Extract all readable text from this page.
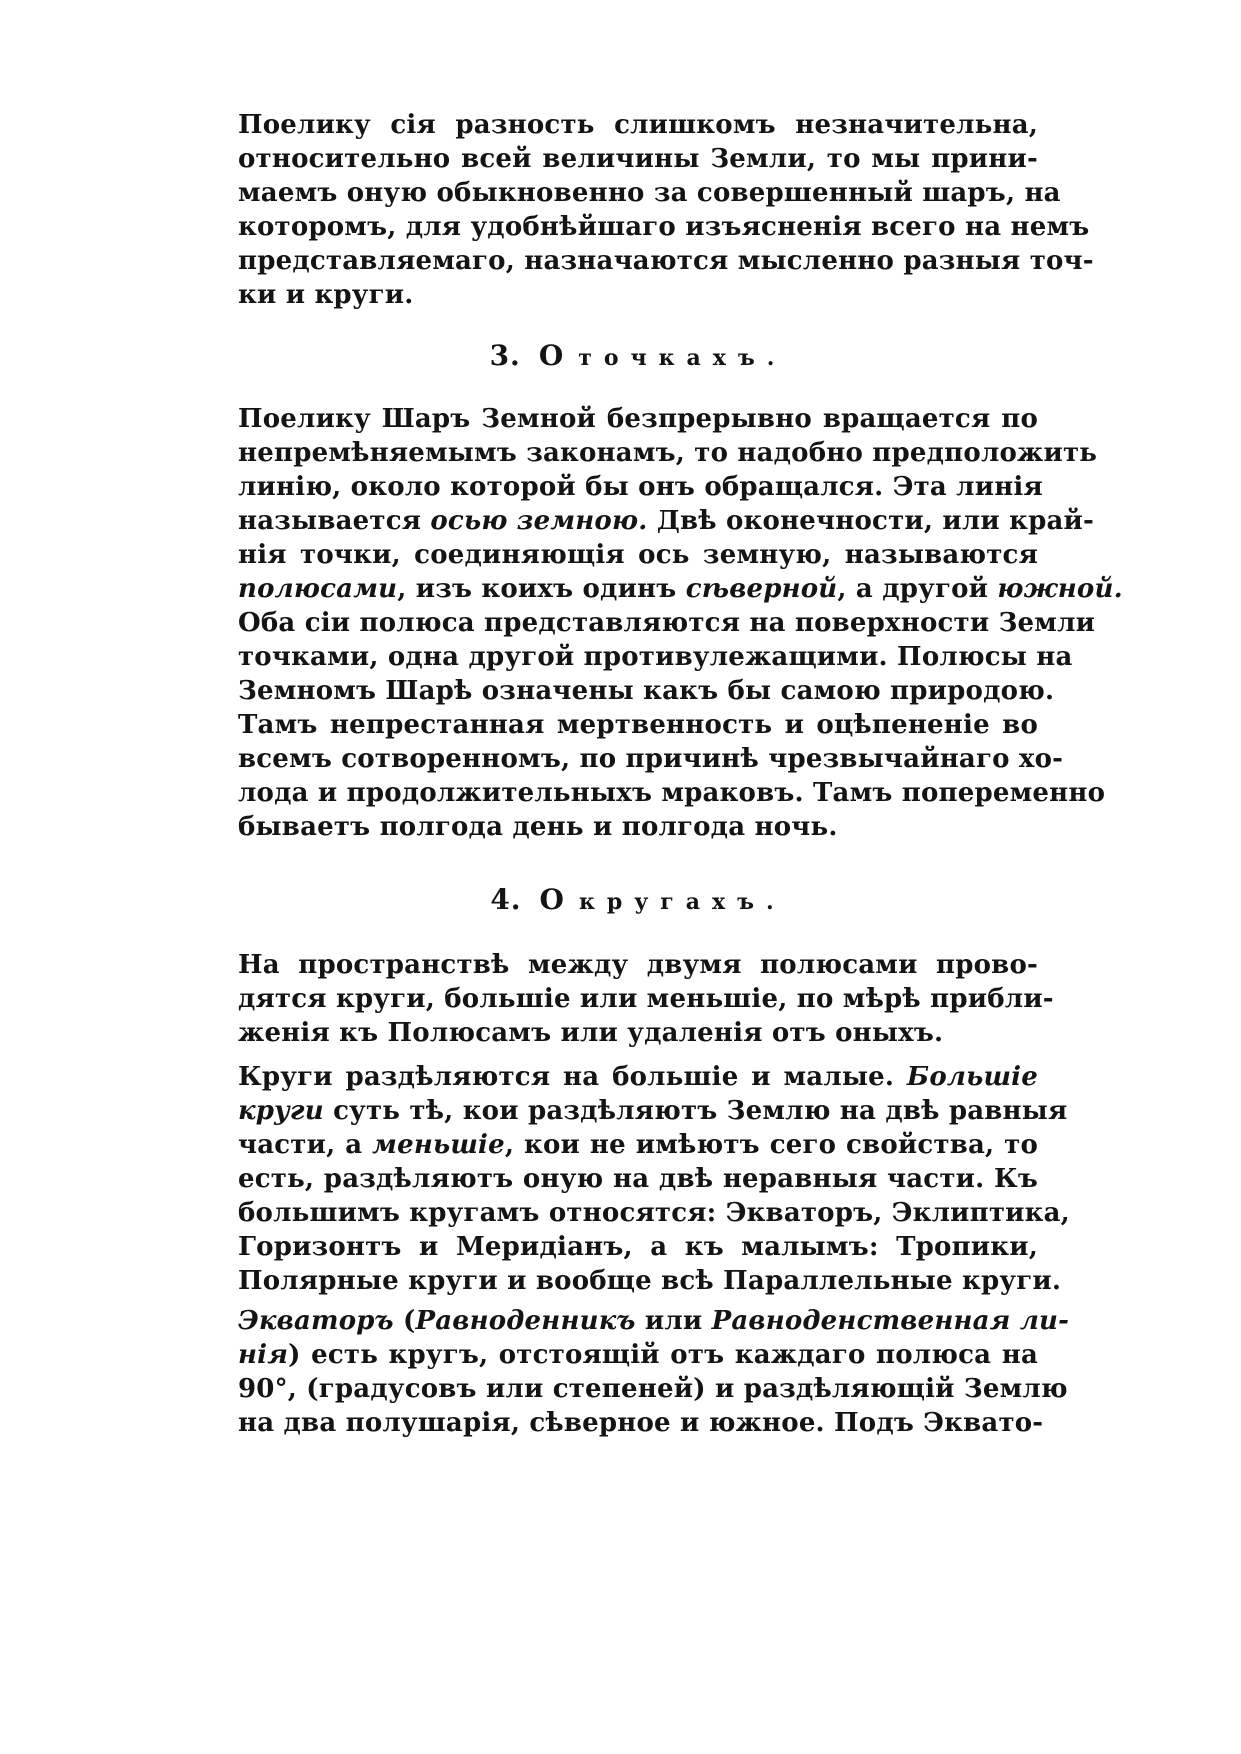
Поелику сія разность слишкомъ незначительна,
относительно всей величины Земли, то мы прини-
маемъ оную обыкновенно за совершенный шаръ, на
которомъ, для удобнѣйшаго изъясненія всего на немъ
представляемаго, назначаются мысленно разныя точ-
ки и круги.
3. О точкахъ.
Поелику Шаръ Земной безпрерывно вращается по
непремѣняемымъ законамъ, то надобно предположить
линію, около которой бы онъ обращался. Эта линія
называется осью земною. Двѣ оконечности, или край-
нія точки, соединяющія ось земную, называются
полюсами, изъ коихъ одинъ сѣверной, а другой южной.
Оба сіи полюса представляются на поверхности Земли
точками, одна другой противулежащими. Полюсы на
Земномъ Шарѣ означены какъ бы самою природою.
Тамъ непрестанная мертвенность и оцѣпененіе во
всемъ сотворенномъ, по причинѣ чрезвычайнаго хо-
лода и продолжительныхъ мраковъ. Тамъ попеременно
бываетъ полгода день и полгода ночь.
4. О кругахъ.
На пространствѣ между двумя полюсами прово-
дятся круги, большіе или меньшіе, по мѣрѣ прибли-
женія къ Полюсамъ или удаленія отъ оныхъ.
Круги раздѣляются на большіе и малые. Большіе
круги суть тѣ, кои раздѣляютъ Землю на двѣ равныя
части, а меньшіе, кои не имѣютъ сего свойства, то
есть, раздѣляютъ оную на двѣ неравныя части. Къ
большимъ кругамъ относятся: Экваторъ, Эклиптика,
Горизонтъ и Меридіанъ, а къ малымъ: Тропики,
Полярные круги и вообще всѣ Параллельные круги.
Экваторъ (Равноденникъ или Равноденственная ли-
нія) есть кругъ, отстоящій отъ каждаго полюса на
90°, (градусовъ или степеней) и раздѣляющій Землю
на два полушарія, сѣверное и южное. Подъ Эквато-
